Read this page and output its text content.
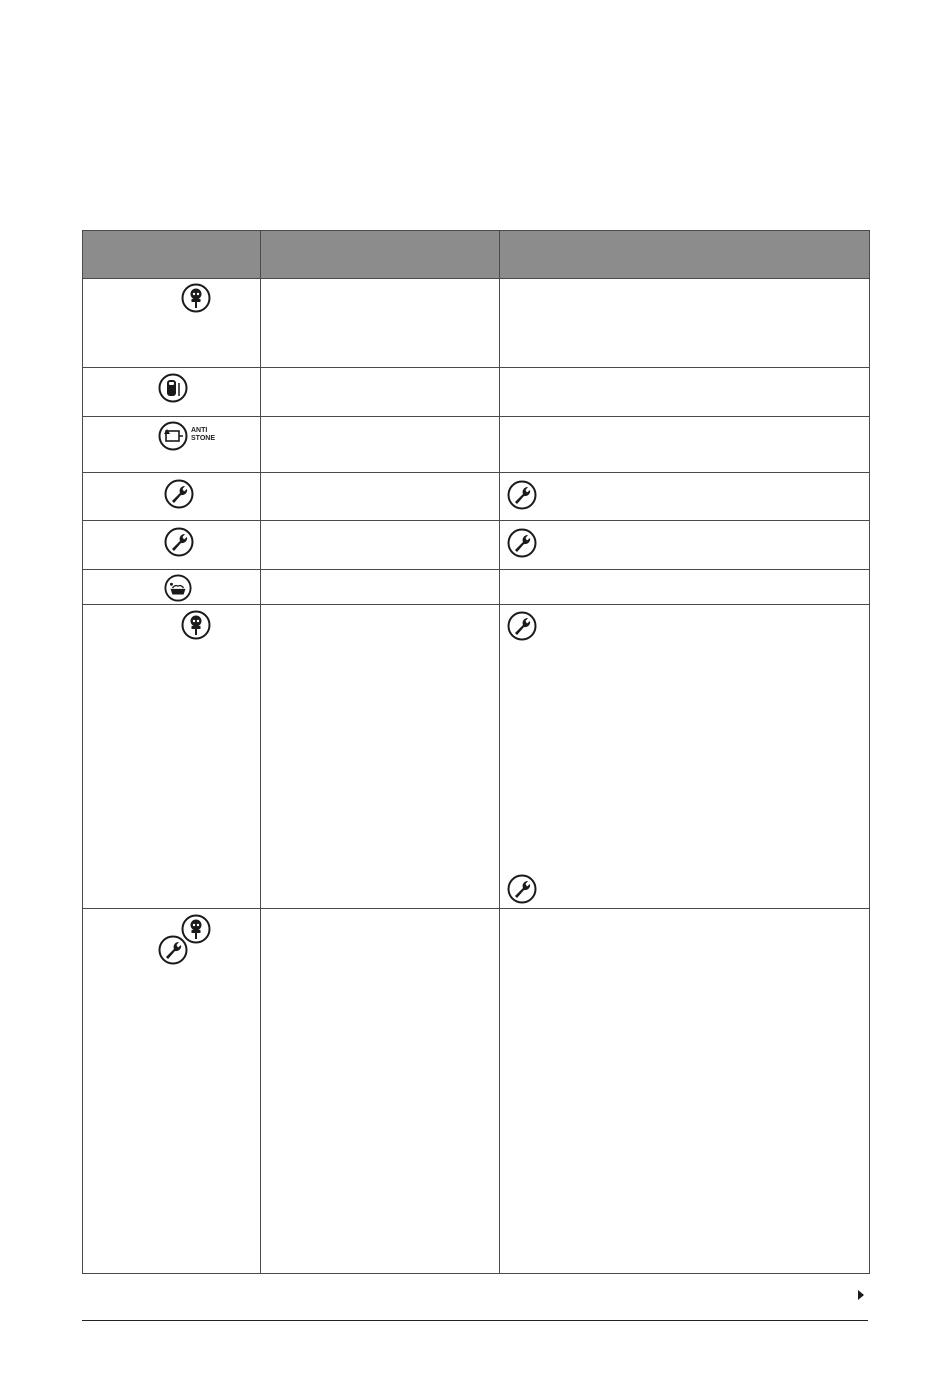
ANTI
STONE
